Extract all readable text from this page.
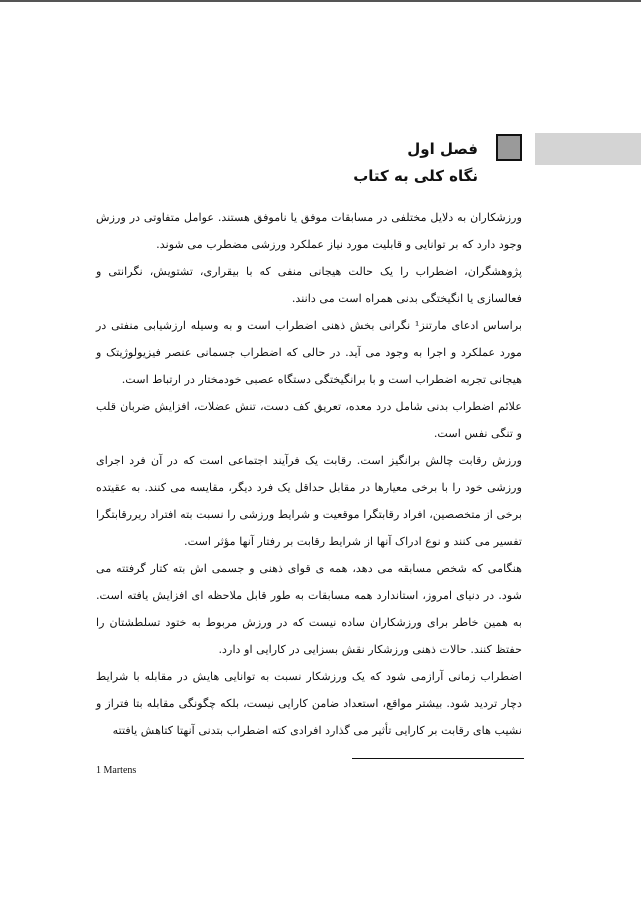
فصل اول
نگاه کلی به کتاب

ورزشکاران به دلایل مختلفی در مسابقات موفق یا ناموفق هستند. عوامل متفاوتی در ورزش وجود دارد که بر توانایی و قابلیت مورد نیاز عملکرد ورزشی مضطرب می شوند.

پژوهشگران، اضطراب را یک حالت هیجانی منفی که با بیقراری، تشتویش، نگرانتی و فعالسازی یا انگیختگی بدنی همراه است می دانند.

براساس ادعای مارتنز¹ نگرانی بخش ذهنی اضطراب است و به وسیله ارزشیابی منفتی در مورد عملکرد و اجرا به وجود می آید. در حالی که اضطراب جسمانی عنصر فیزیولوژیتک و هیجانی تجربه اضطراب است و با برانگیختگی دستگاه عصبی خودمختار در ارتباط است.

علائم اضطراب بدنی شامل درد معده، تعریق کف دست، تنش عضلات، افزایش ضربان قلب و تنگی نفس است.

ورزش رقابت چالش برانگیز است. رقابت یک فرآیند اجتماعی است که در آن فرد اجرای ورزشی خود را با برخی معیارها در مقابل حداقل یک فرد دیگر، مقایسه می کنند. به عقیتده برخی از متخصصین، افراد رقابتگرا موقعیت و شرایط ورزشی را نسبت بته افتراد ریررقابتگرا تفسیر می کنند و نوع ادراک آنها از شرایط رقابت بر رفتار آنها مؤثر است.

هنگامی که شخص مسابقه می دهد، همه ی قوای ذهنی و جسمی اش بته کتار گرفتته می شود. در دنیای امروز، استاندارد همه مسابقات به طور قابل ملاحظه ای افزایش یافته است. به همین خاطر برای ورزشکاران ساده نیست که در ورزش مربوط به ختود تسلطشتان را حفتظ کنند. حالات ذهنی ورزشکار نقش بسزایی در کارایی او دارد.

اضطراب زمانی آرازمی شود که یک ورزشکار نسبت به توانایی هایش در مقابله با شرایط دچار تردید شود. بیشتر مواقع، استعداد ضامن کارایی نیست، بلکه چگونگی مقابله بتا فتراز و نشیب های رقابت بر کارایی تأثیر می گذارد افرادی کته اضطراب بتدنی آنهتا کتاهش یافتته

1 Martens
